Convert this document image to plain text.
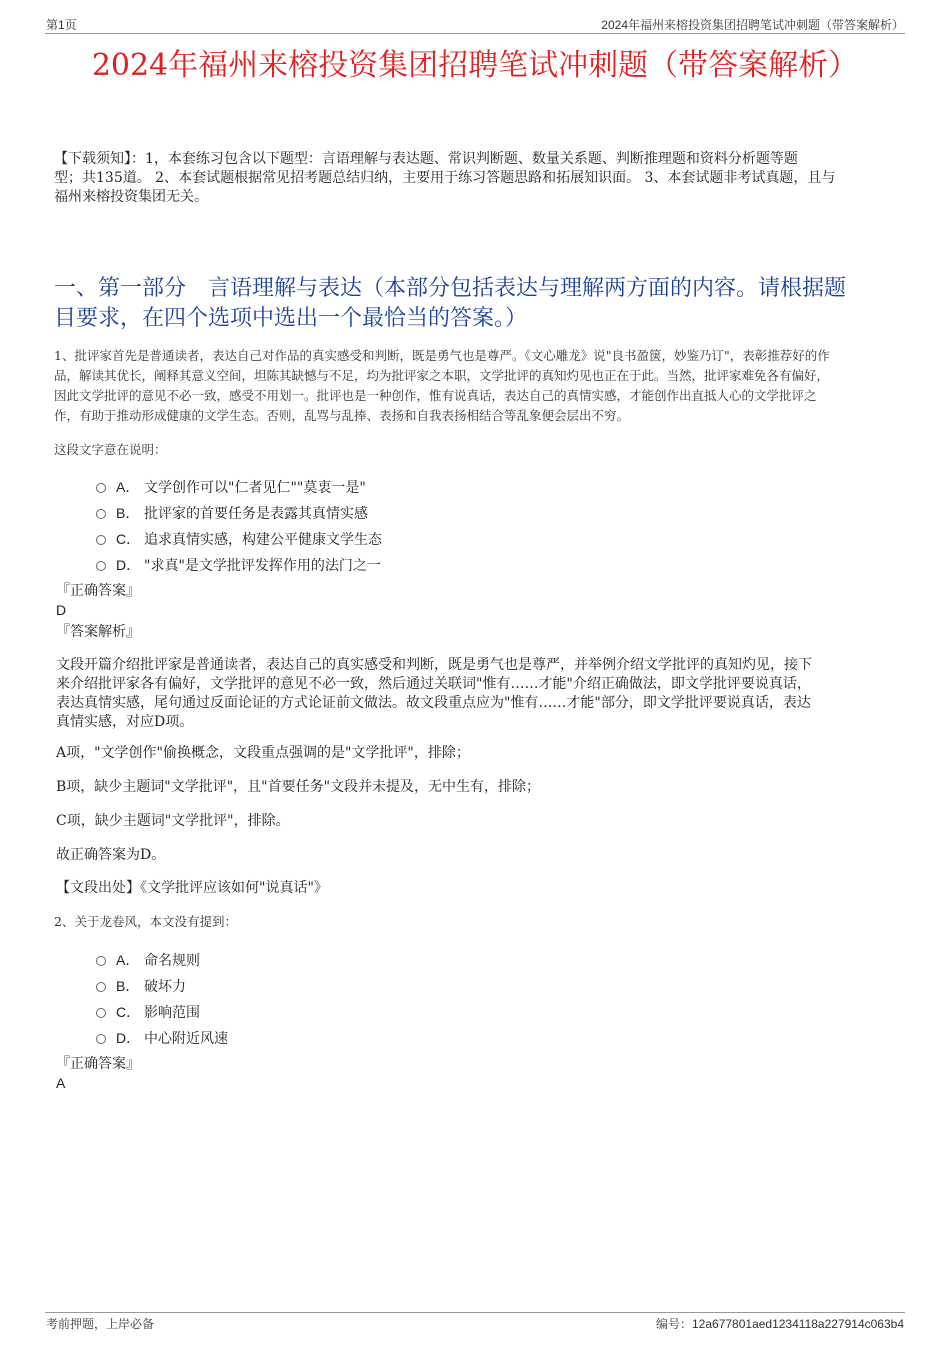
第1页	2024年福州来榕投资集团招聘笔试冲刺题（带答案解析）
2024年福州来榕投资集团招聘笔试冲刺题（带答案解析）
【下载须知】：1，本套练习包含以下题型：言语理解与表达题、常识判断题、数量关系题、判断推理题和资料分析题等题
型；共135道。 2、本套试题根据常见招考题总结归纳，主要用于练习答题思路和拓展知识面。 3、本套试题非考试真题，且与
福州来榕投资集团无关。
一、第一部分　言语理解与表达（本部分包括表达与理解两方面的内容。请根据题
目要求，在四个选项中选出一个最恰当的答案。）
1、批评家首先是普通读者，表达自己对作品的真实感受和判断，既是勇气也是尊严。《文心雕龙》说"良书盈箧，妙鉴乃订"，表彰推荐好的作
品，解读其优长，阐释其意义空间，坦陈其缺憾与不足，均为批评家之本职，文学批评的真知灼见也正在于此。当然，批评家难免各有偏好，
因此文学批评的意见不必一致，感受不用划一。批评也是一种创作，惟有说真话，表达自己的真情实感，才能创作出直抵人心的文学批评之
作，有助于推动形成健康的文学生态。否则，乱骂与乱捧、表扬和自我表扬相结合等乱象便会层出不穷。
这段文字意在说明：
A． 文学创作可以"仁者见仁""莫衷一是"
B． 批评家的首要任务是表露其真情实感
C． 追求真情实感，构建公平健康文学生态
D． "求真"是文学批评发挥作用的法门之一
『正确答案』
D
『答案解析』
文段开篇介绍批评家是普通读者，表达自己的真实感受和判断，既是勇气也是尊严，并举例介绍文学批评的真知灼见，接下
来介绍批评家各有偏好，文学批评的意见不必一致，然后通过关联词"惟有……才能"介绍正确做法，即文学批评要说真话，
表达真情实感，尾句通过反面论证的方式论证前文做法。故文段重点应为"惟有……才能"部分，即文学批评要说真话，表达
真情实感，对应D项。
A项，"文学创作"偷换概念，文段重点强调的是"文学批评"，排除；
B项，缺少主题词"文学批评"，且"首要任务"文段并未提及，无中生有，排除；
C项，缺少主题词"文学批评"，排除。
故正确答案为D。
【文段出处】《文学批评应该如何"说真话"》
2、关于龙卷风，本文没有提到：
A． 命名规则
B． 破坏力
C． 影响范围
D． 中心附近风速
『正确答案』
A
考前押题，上岸必备	编号：12a677801aed1234118a227914c063b4
